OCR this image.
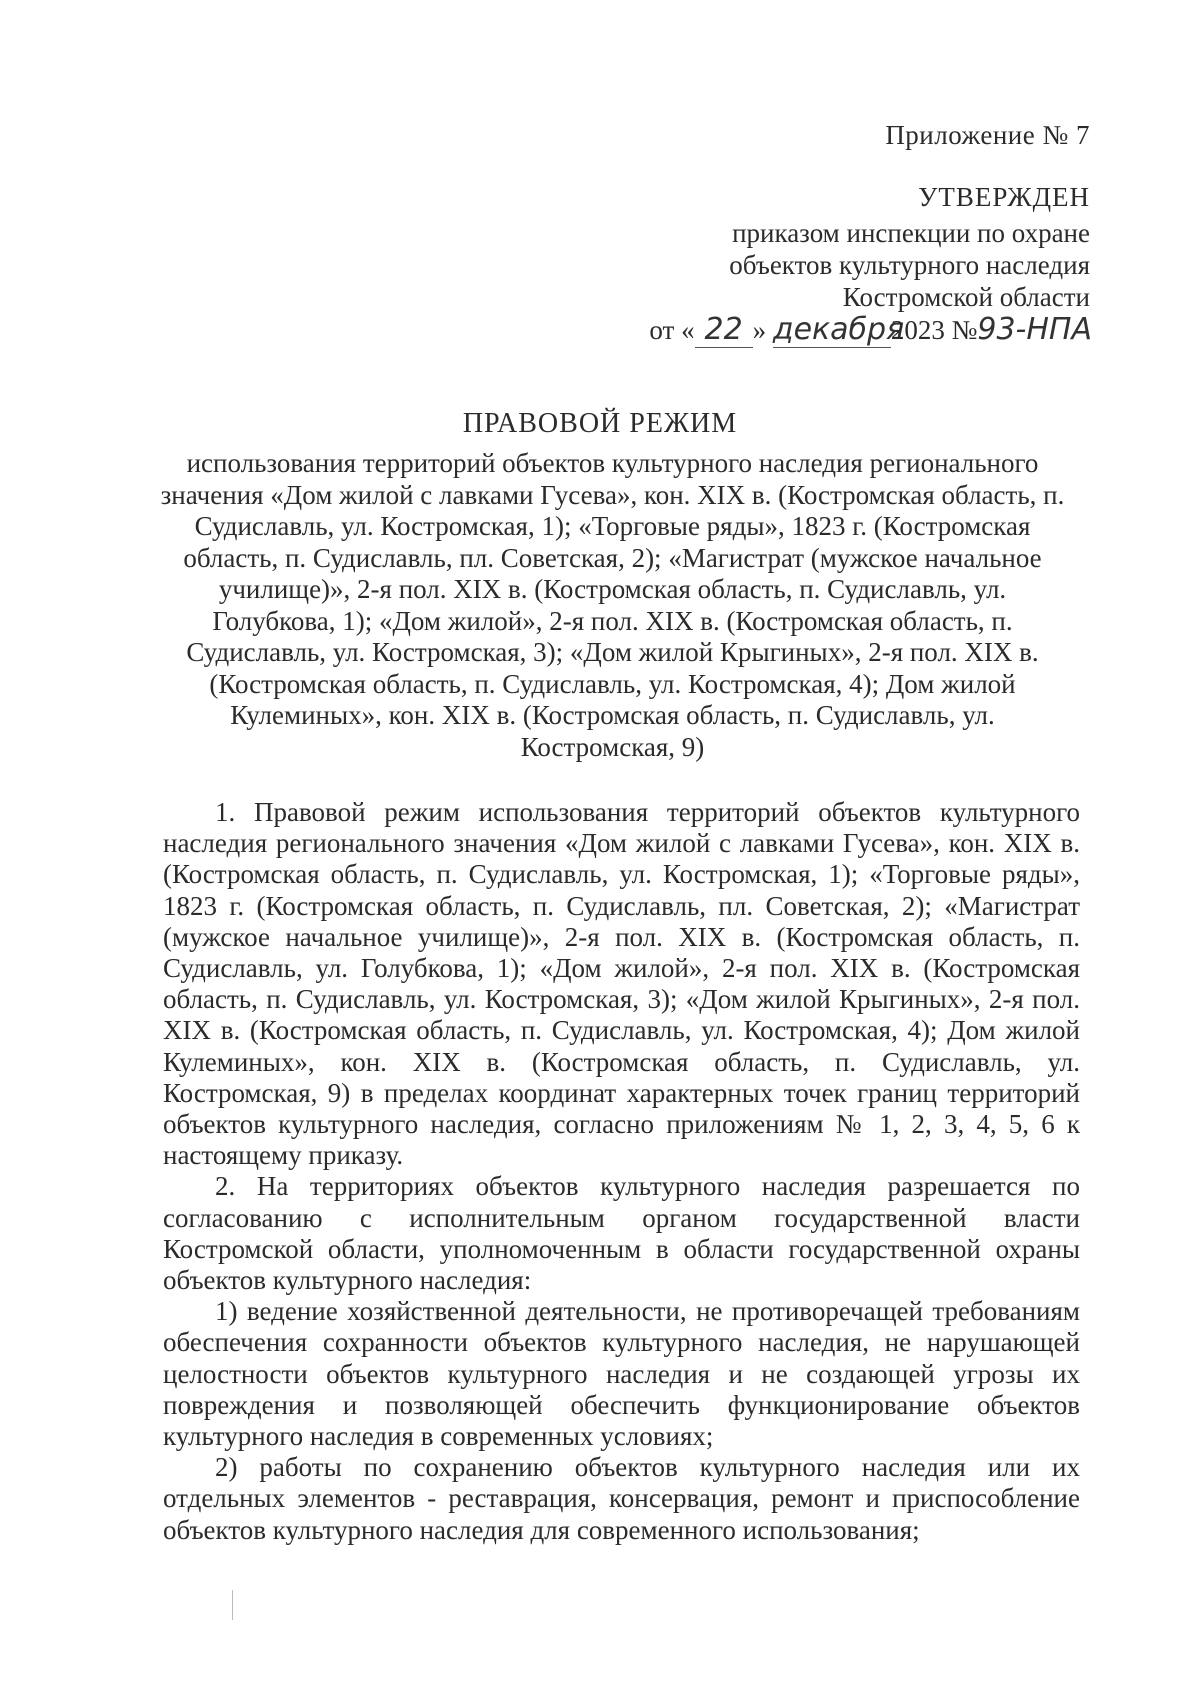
Приложение № 7
УТВЕРЖДЕН
приказом инспекции по охране
объектов культурного наследия
Костромской области
от « 22 » декабря2023 №93-НПА
ПРАВОВОЙ РЕЖИМ
использования территорий объектов культурного наследия регионального значения «Дом жилой с лавками Гусева», кон. XIX в. (Костромская область, п. Судиславль, ул. Костромская, 1); «Торговые ряды», 1823 г. (Костромская область, п. Судиславль, пл. Советская, 2); «Магистрат (мужское начальное училище)», 2-я пол. XIX в. (Костромская область, п. Судиславль, ул. Голубкова, 1); «Дом жилой», 2-я пол. XIX в. (Костромская область, п. Судиславль, ул. Костромская, 3); «Дом жилой Крыгиных», 2-я пол. XIX в. (Костромская область, п. Судиславль, ул. Костромская, 4); Дом жилой Кулеминых», кон. XIX в. (Костромская область, п. Судиславль, ул. Костромская, 9)

1. Правовой режим использования территорий объектов культурного наследия регионального значения «Дом жилой с лавками Гусева», кон. XIX в. (Костромская область, п. Судиславль, ул. Костромская, 1); «Торговые ряды», 1823 г. (Костромская область, п. Судиславль, пл. Советская, 2); «Магистрат (мужское начальное училище)», 2-я пол. XIX в. (Костромская область, п. Судиславль, ул. Голубкова, 1); «Дом жилой», 2-я пол. XIX в. (Костромская область, п. Судиславль, ул. Костромская, 3); «Дом жилой Крыгиных», 2-я пол. XIX в. (Костромская область, п. Судиславль, ул. Костромская, 4); Дом жилой Кулеминых», кон. XIX в. (Костромская область, п. Судиславль, ул. Костромская, 9) в пределах координат характерных точек границ территорий объектов культурного наследия, согласно приложениям № 1, 2, 3, 4, 5, 6 к настоящему приказу.

2. На территориях объектов культурного наследия разрешается по согласованию с исполнительным органом государственной власти Костромской области, уполномоченным в области государственной охраны объектов культурного наследия:

1) ведение хозяйственной деятельности, не противоречащей требованиям обеспечения сохранности объектов культурного наследия, не нарушающей целостности объектов культурного наследия и не создающей угрозы их повреждения и позволяющей обеспечить функционирование объектов культурного наследия в современных условиях;

2) работы по сохранению объектов культурного наследия или их отдельных элементов - реставрация, консервация, ремонт и приспособление объектов культурного наследия для современного использования;
